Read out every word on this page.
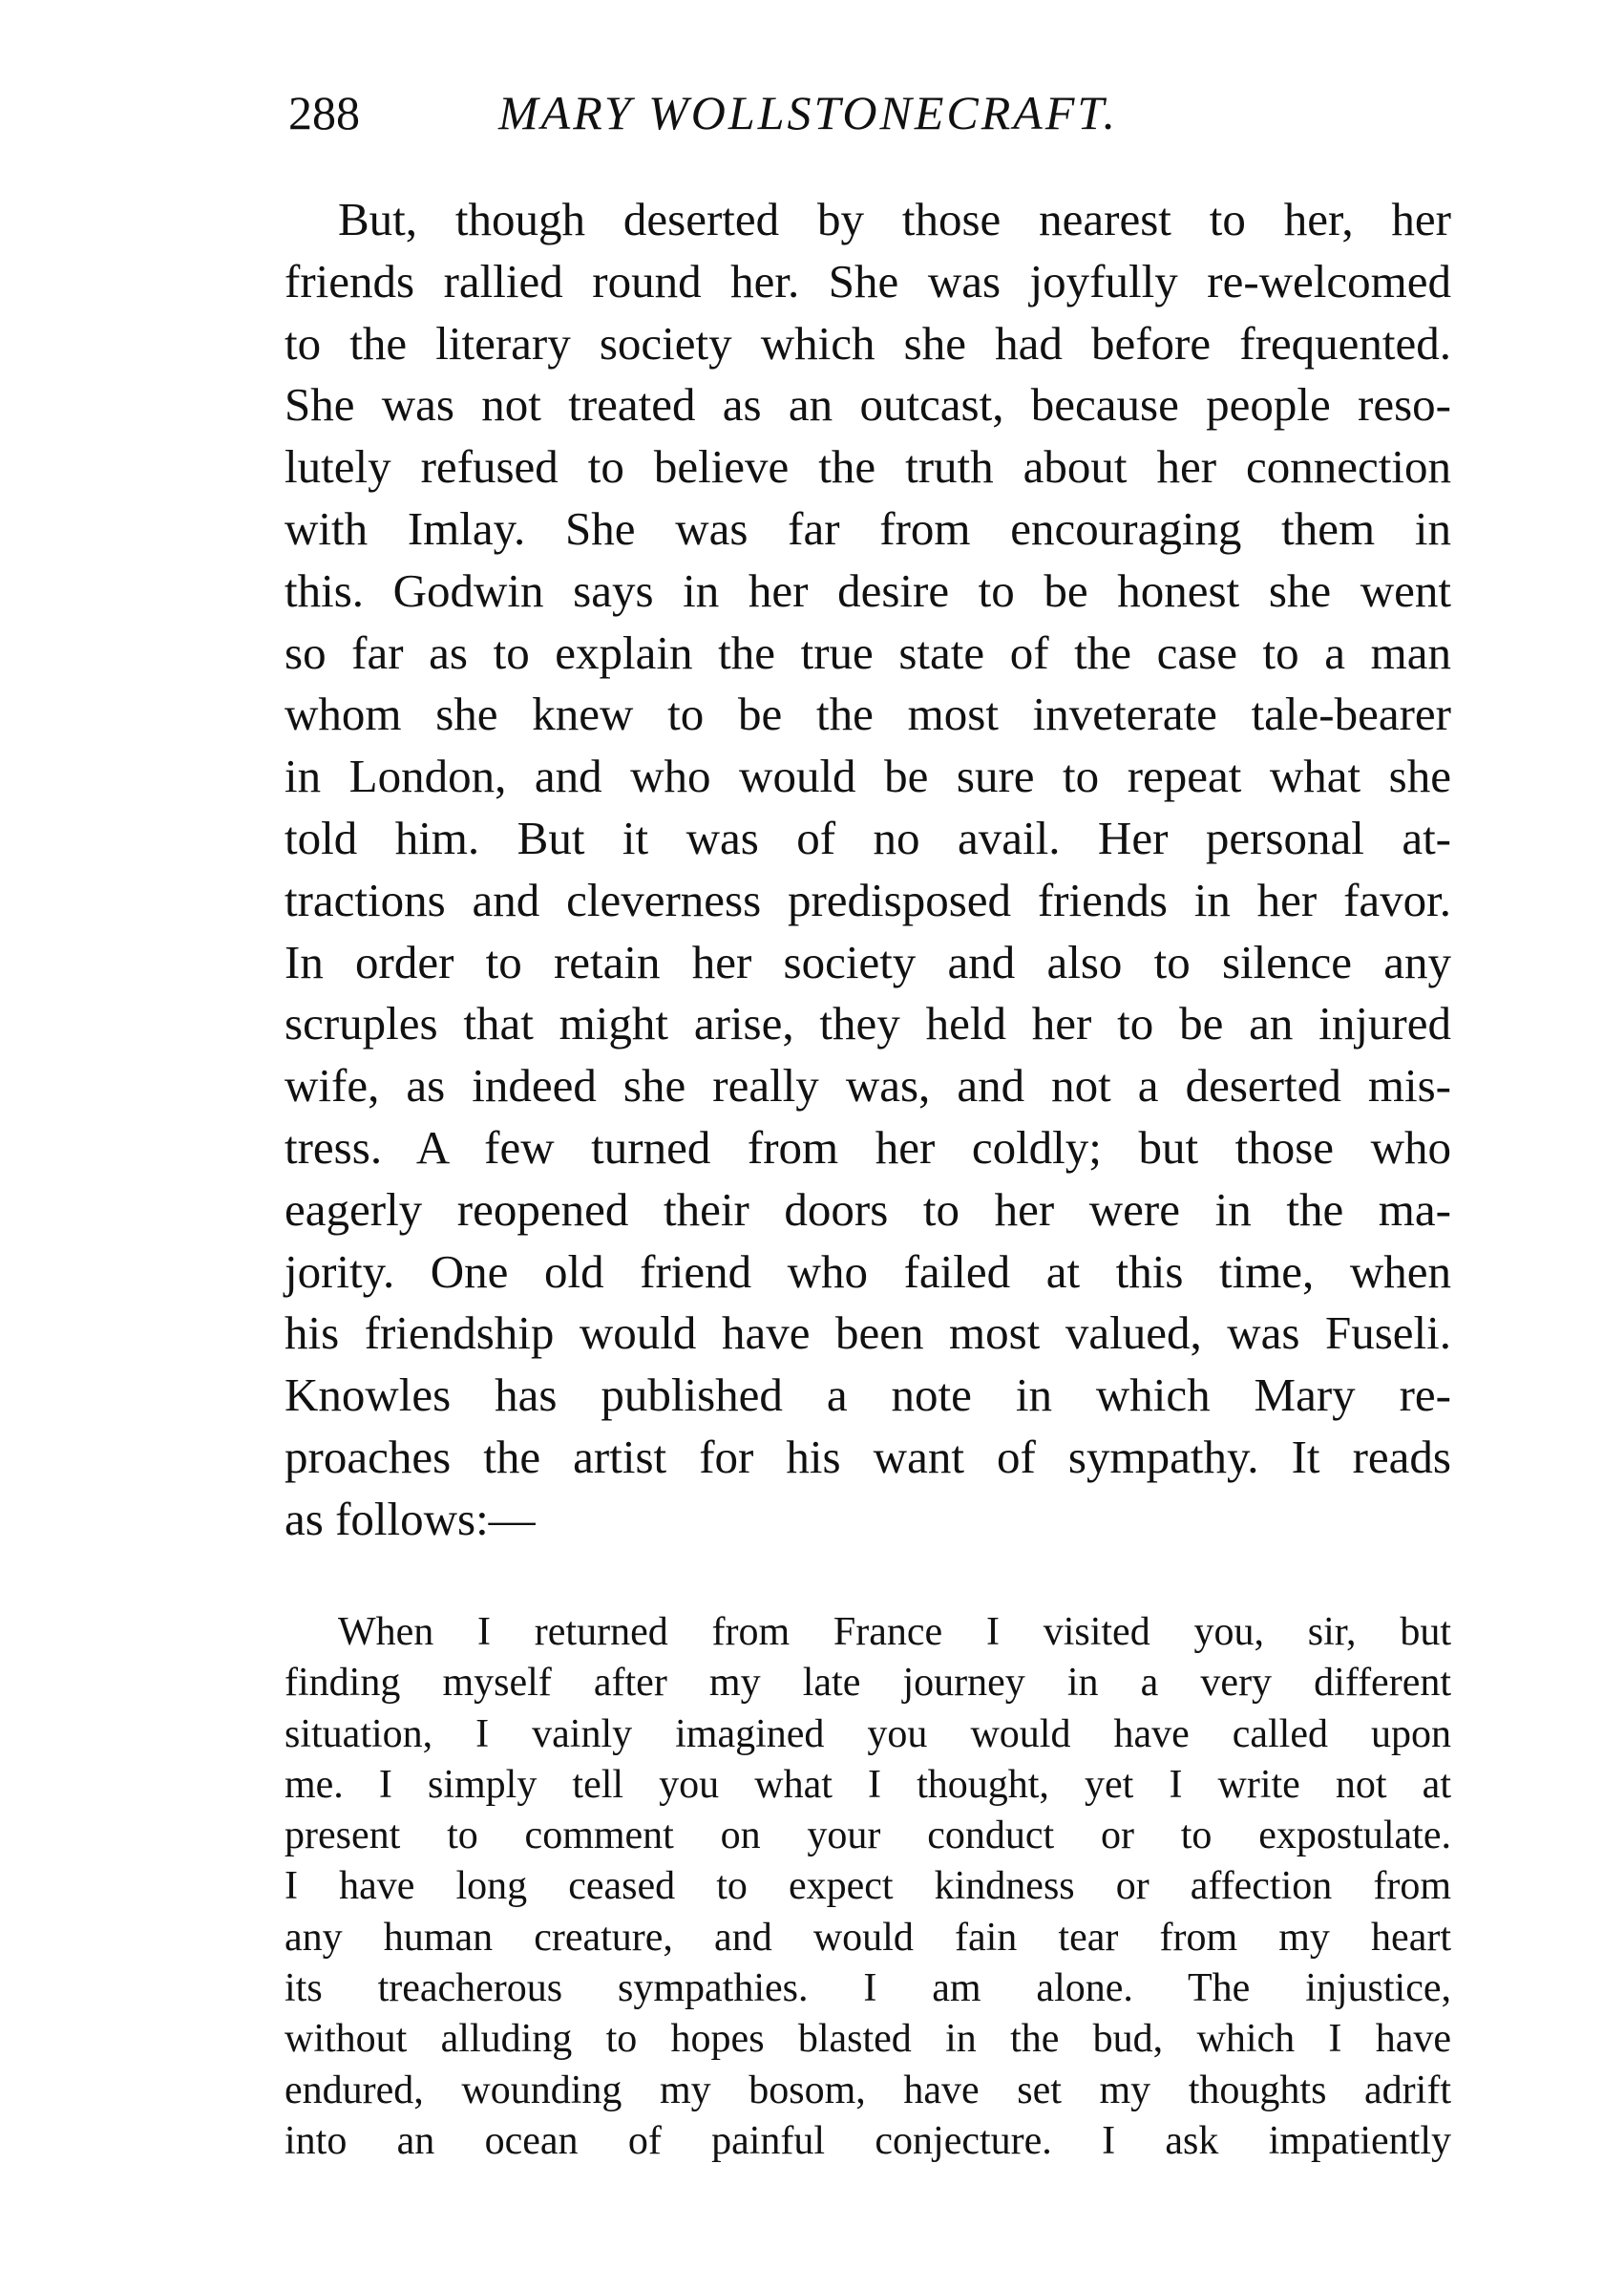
288	MARY WOLLSTONECRAFT.
But, though deserted by those nearest to her, her
friends rallied round her. She was joyfully re-welcomed
to the literary society which she had before frequented.
She was not treated as an outcast, because people reso-
lutely refused to believe the truth about her connection
with Imlay. She was far from encouraging them in
this. Godwin says in her desire to be honest she went
so far as to explain the true state of the case to a man
whom she knew to be the most inveterate tale-bearer
in London, and who would be sure to repeat what she
told him. But it was of no avail. Her personal at-
tractions and cleverness predisposed friends in her favor.
In order to retain her society and also to silence any
scruples that might arise, they held her to be an injured
wife, as indeed she really was, and not a deserted mis-
tress. A few turned from her coldly; but those who
eagerly reopened their doors to her were in the ma-
jority. One old friend who failed at this time, when
his friendship would have been most valued, was Fuseli.
Knowles has published a note in which Mary re-
proaches the artist for his want of sympathy. It reads
as follows:—
When I returned from France I visited you, sir, but
finding myself after my late journey in a very different
situation, I vainly imagined you would have called upon
me. I simply tell you what I thought, yet I write not at
present to comment on your conduct or to expostulate.
I have long ceased to expect kindness or affection from
any human creature, and would fain tear from my heart
its treacherous sympathies. I am alone. The injustice,
without alluding to hopes blasted in the bud, which I have
endured, wounding my bosom, have set my thoughts adrift
into an ocean of painful conjecture. I ask impatiently
